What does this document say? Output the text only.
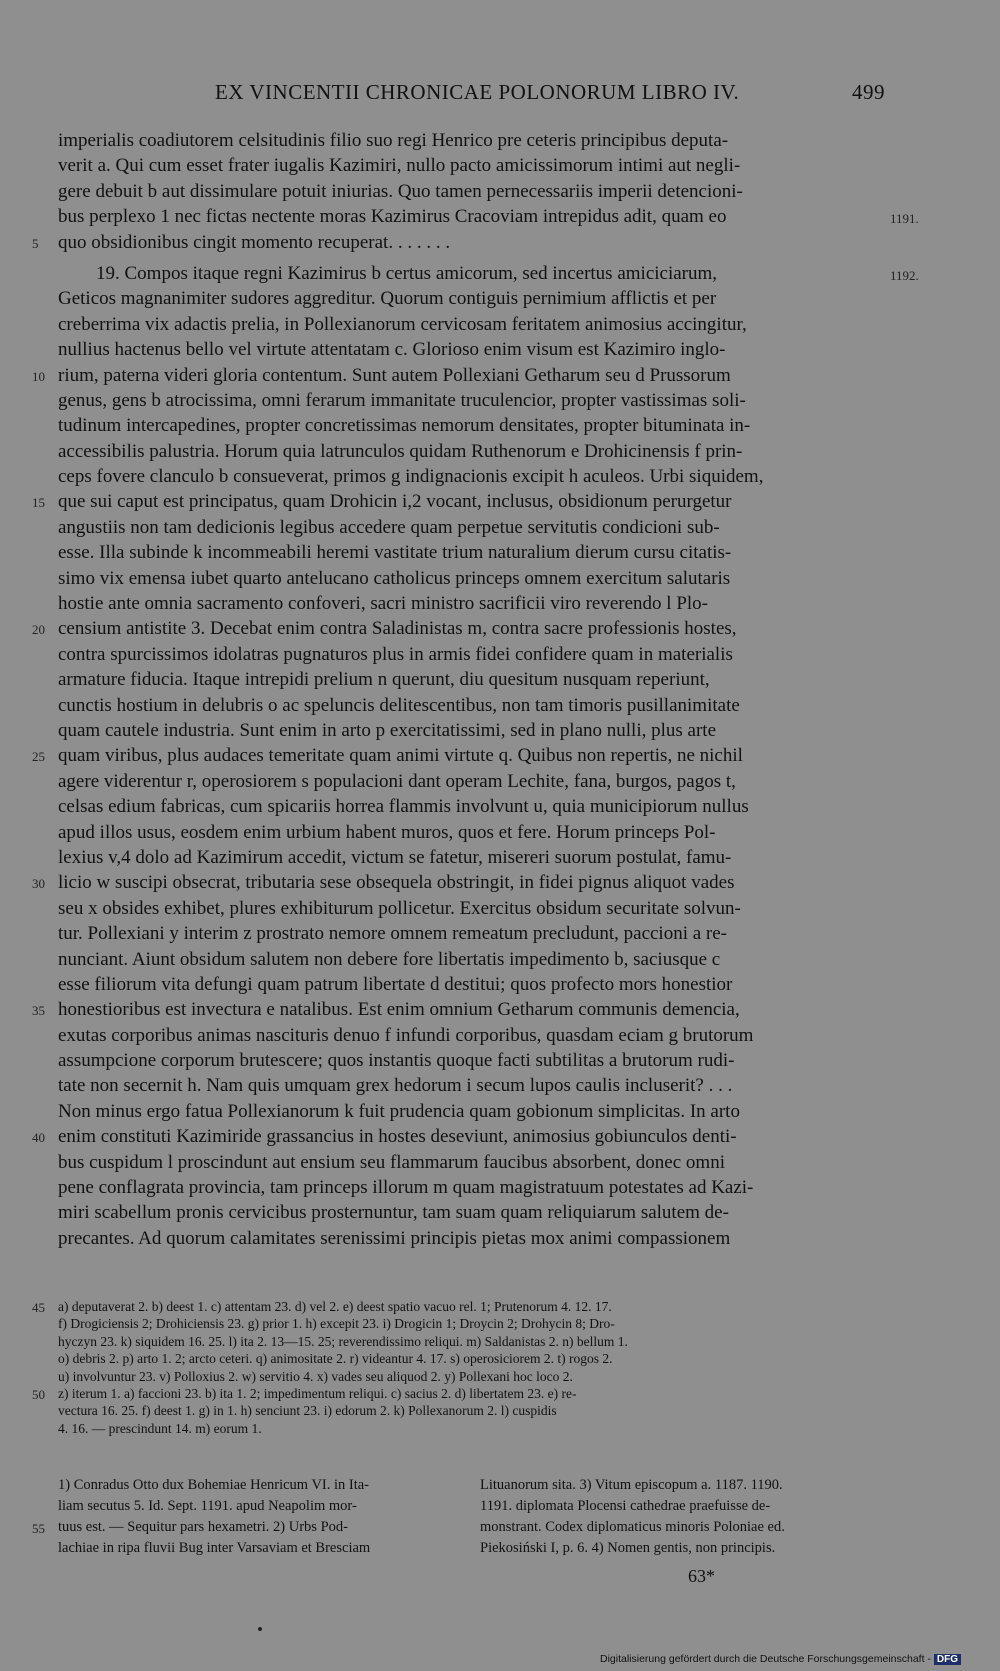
EX VINCENTII CHRONICAE POLONORUM LIBRO IV.	499
imperialis coadiutorem celsitudinis filio suo regi Henrico pre ceteris principibus deputa-
verit a. Qui cum esset frater iugalis Kazimiri, nullo pacto amicissimorum intimi aut negli-
gere debuit b aut dissimulare potuit iniurias. Quo tamen pernecessariis imperii detencioni-
bus perplexo 1 nec fictas nectente moras Kazimirus Cracoviam intrepidus adit, quam eo	1191.
quo obsidionibus cingit momento recuperat. . . . . . .
5
19. Compos itaque regni Kazimirus b certus amicorum, sed incertus amiciciarum,	1192.
Geticos magnanimiter sudores aggreditur. Quorum contiguis pernimium afflictis et per
creberrima vix adactis prelia, in Pollexianorum cervicosam feritatem animosius accingitur,
nullius hactenus bello vel virtute attentatam c. Glorioso enim visum est Kazimiro inglo-
rium, paterna videri gloria contentum. Sunt autem Pollexiani Getharum seu d Prussorum
10
genus, gens b atrocissima, omni ferarum immanitate truculencior, propter vastissimas soli-
tudinum intercapedines, propter concretissimas nemorum densitates, propter bituminata in-
accessibilis palustria. Horum quia latrunculos quidam Ruthenorum e Drohicinensis f prin-
ceps fovere clanculo b consueverat, primos g indignacionis excipit h aculeos. Urbi siquidem,
que sui caput est principatus, quam Drohicin i,2 vocant, inclusus, obsidionum perurgetur
15
angustiis non tam dedicionis legibus accedere quam perpetue servitutis condicioni sub-
esse. Illa subinde k incommeabili heremi vastitate trium naturalium dierum cursu citatis-
simo vix emensa iubet quarto antelucano catholicus princeps omnem exercitum salutaris
hostie ante omnia sacramento confoveri, sacri ministro sacrificii viro reverendo l Plo-
censium antistite 3. Decebat enim contra Saladinistas m, contra sacre professionis hostes,
20
contra spurcissimos idolatras pugnaturos plus in armis fidei confidere quam in materialis
armature fiducia. Itaque intrepidi prelium n querunt, diu quesitum nusquam reperiunt,
cunctis hostium in delubris o ac speluncis delitescentibus, non tam timoris pusillanimitate
quam cautele industria. Sunt enim in arto p exercitatissimi, sed in plano nulli, plus arte
quam viribus, plus audaces temeritate quam animi virtute q. Quibus non repertis, ne nichil
25
agere viderentur r, operosiorem s populacioni dant operam Lechite, fana, burgos, pagos t,
celsas edium fabricas, cum spicariis horrea flammis involvunt u, quia municipiorum nullus
apud illos usus, eosdem enim urbium habent muros, quos et fere. Horum princeps Pol-
lexius v,4 dolo ad Kazimirum accedit, victum se fatetur, misereri suorum postulat, famu-
licio w suscipi obsecrat, tributaria sese obsequela obstringit, in fidei pignus aliquot vades
30
seu x obsides exhibet, plures exhibiturum pollicetur. Exercitus obsidum securitate solvun-
tur. Pollexiani y interim z prostrato nemore omnem remeatum precludunt, paccioni a re-
nunciant. Aiunt obsidum salutem non debere fore libertatis impedimento b, saciusque c
esse filiorum vita defungi quam patrum libertate d destitui; quos profecto mors honestior
honestioribus est invectura e natalibus. Est enim omnium Getharum communis demencia,
35
exutas corporibus animas nascituris denuo f infundi corporibus, quasdam eciam g brutorum
assumpcione corporum brutescere; quos instantis quoque facti subtilitas a brutorum rudi-
tate non secernit h. Nam quis umquam grex hedorum i secum lupos caulis incluserit? . . .
Non minus ergo fatua Pollexianorum k fuit prudencia quam gobionum simplicitas. In arto
enim constituti Kazimiride grassancius in hostes deseviunt, animosius gobiunculos denti-
40
bus cuspidum l proscindunt aut ensium seu flammarum faucibus absorbent, donec omni
pene conflagrata provincia, tam princeps illorum m quam magistratuum potestates ad Kazi-
miri scabellum pronis cervicibus prosternuntur, tam suam quam reliquiarum salutem de-
precantes. Ad quorum calamitates serenissimi principis pietas mox animi compassionem
a) deputaverat 2. b) deest 1. c) attentam 23. d) vel 2. e) deest spatio vacuo rel. 1; Prutenorum 4. 12. 17.
45
f) Drogiciensis 2; Drohiciensis 23. g) prior 1. h) excepit 23. i) Drogicin 1; Droycin 2; Drohycin 8; Dro-
hyczyn 23. k) siquidem 16. 25. l) ita 2. 13—15. 25; reverendissimo reliqui. m) Saldanistas 2. n) bellum 1.
o) debris 2. p) arto 1. 2; arcto ceteri. q) animositate 2. r) videantur 4. 17. s) operosiciorem 2. t) rogos 2.
u) involvuntur 23. v) Polloxius 2. w) servitio 4. x) vades seu aliquod 2. y) Pollexani hoc loco 2.
z) iterum 1. a) faccioni 23. b) ita 1. 2; impedimentum reliqui. c) sacius 2. d) libertatem 23. e) re-
50
vectura 16. 25. f) deest 1. g) in 1. h) senciunt 23. i) edorum 2. k) Pollexanorum 2. l) cuspidis
4. 16. — prescindunt 14. m) eorum 1.
1) Conradus Otto dux Bohemiae Henricum VI. in Ita-
liam secutus 5. Id. Sept. 1191. apud Neapolim mor-
tuus est. — Sequitur pars hexametri. 2) Urbs Pod-
55
lachiae in ripa fluvii Bug inter Varsaviam et Bresciam
Lituanorum sita. 3) Vitum episcopum a. 1187. 1190.
1191. diplomata Plocensi cathedrae praefuisse de-
monstrant. Codex diplomaticus minoris Poloniae ed.
Piekosiński I, p. 6. 4) Nomen gentis, non principis.
63*
Digitalisierung gefördert durch die Deutsche Forschungsgemeinschaft - DFG
